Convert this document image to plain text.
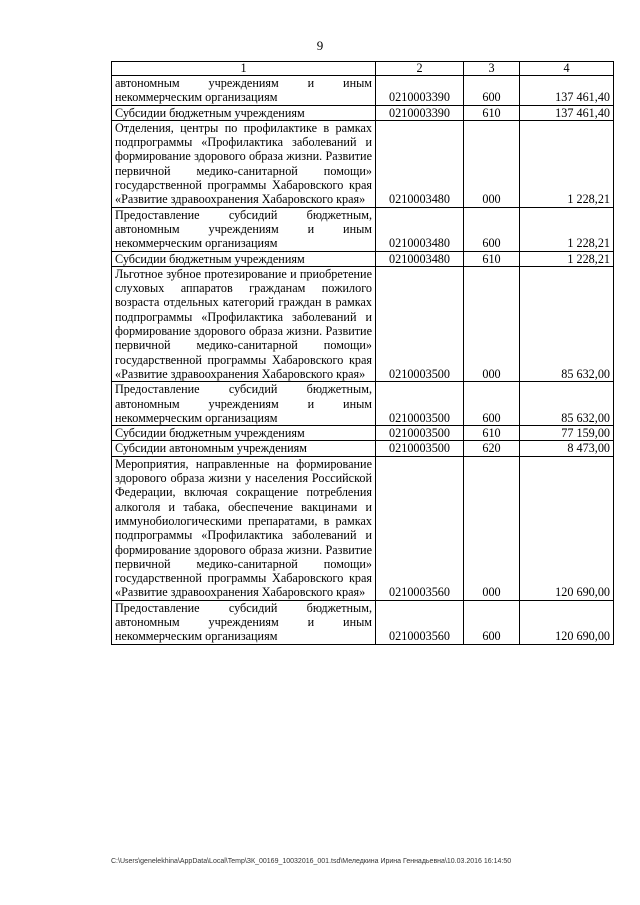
9
1	2	3	4
автономным учреждениям и иным некоммерческим организациям	0210003390	600	137 461,40
Субсидии бюджетным учреждениям	0210003390	610	137 461,40
Отделения, центры по профилактике в рамках подпрограммы «Профилактика заболеваний и формирование здорового образа жизни. Развитие первичной медико-санитарной помощи» государственной программы Хабаровского края «Развитие здравоохранения Хабаровского края»	0210003480	000	1 228,21
Предоставление субсидий бюджетным, автономным учреждениям и иным некоммерческим организациям	0210003480	600	1 228,21
Субсидии бюджетным учреждениям	0210003480	610	1 228,21
Льготное зубное протезирование и приобретение слуховых аппаратов гражданам пожилого возраста отдельных категорий граждан в рамках подпрограммы «Профилактика заболеваний и формирование здорового образа жизни. Развитие первичной медико-санитарной помощи» государственной программы Хабаровского края «Развитие здравоохранения Хабаровского края»	0210003500	000	85 632,00
Предоставление субсидий бюджетным, автономным учреждениям и иным некоммерческим организациям	0210003500	600	85 632,00
Субсидии бюджетным учреждениям	0210003500	610	77 159,00
Субсидии автономным учреждениям	0210003500	620	8 473,00
Мероприятия, направленные на формирование здорового образа жизни у населения Российской Федерации, включая сокращение потребления алкоголя и табака, обеспечение вакцинами и иммунобиологическими препаратами, в рамках подпрограммы «Профилактика заболеваний и формирование здорового образа жизни. Развитие первичной медико-санитарной помощи» государственной программы Хабаровского края «Развитие здравоохранения Хабаровского края»	0210003560	000	120 690,00
Предоставление субсидий бюджетным, автономным учреждениям и иным некоммерческим организациям	0210003560	600	120 690,00
C:\Users\genelekhina\AppData\Local\Temp\ЗК_00169_10032016_001.tsd\Меледкина Ирина Геннадьевна\10.03.2016 16:14:50
